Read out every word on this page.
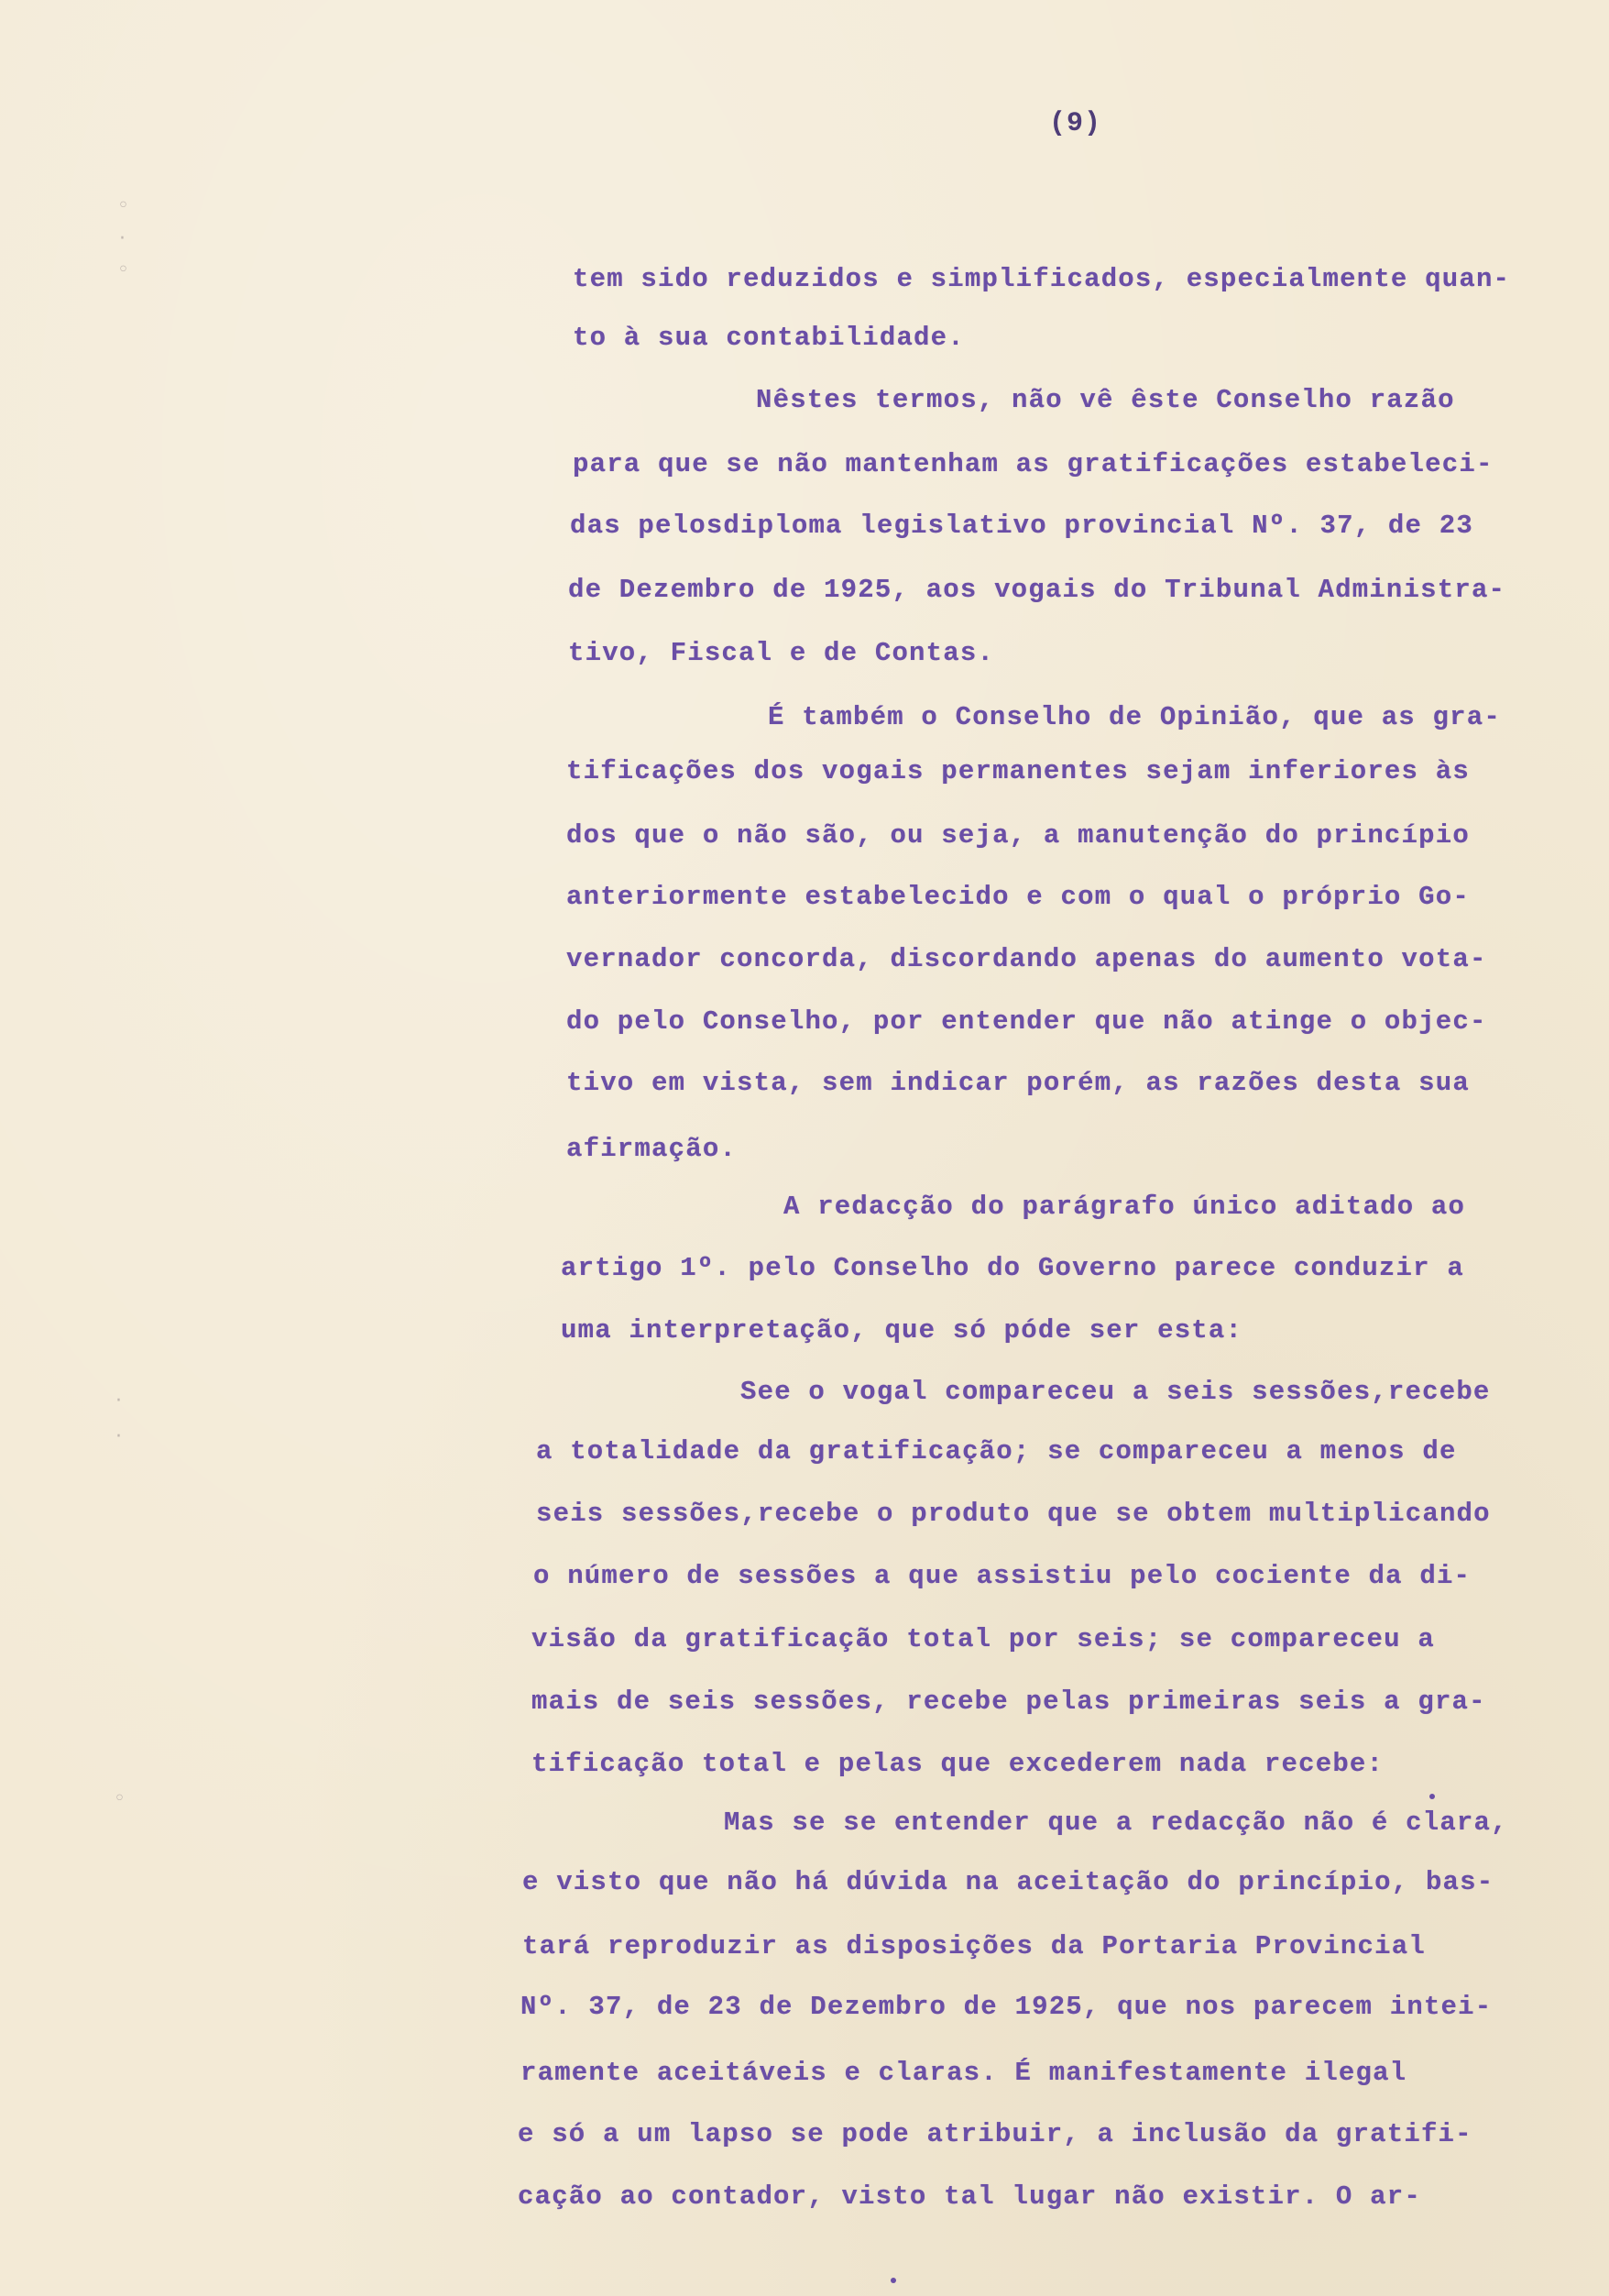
◦
·
◦
·
·
◦
(9)
tem sido reduzidos e simplificados, especialmente quan-
to à sua contabilidade.
Nêstes termos, não vê êste Conselho razão
para que se não mantenham as gratificações estabeleci-
das pelosdiploma legislativo provincial Nº. 37, de 23
de Dezembro de 1925, aos vogais do Tribunal Administra-
tivo, Fiscal e de Contas.
É também o Conselho de Opinião, que as gra-
tificações dos vogais permanentes sejam inferiores às
dos que o não são, ou seja, a manutenção do princípio
anteriormente estabelecido e com o qual o próprio Go-
vernador concorda, discordando apenas do aumento vota-
do pelo Conselho, por entender que não atinge o objec-
tivo em vista, sem indicar porém, as razões desta sua
afirmação.
A redacção do parágrafo único aditado ao
artigo 1º. pelo Conselho do Governo parece conduzir a
uma interpretação, que só póde ser esta:
See o vogal compareceu a seis sessões,recebe
a totalidade da gratificação; se compareceu a menos de
seis sessões,recebe o produto que se obtem multiplicando
o número de sessões a que assistiu pelo cociente da di-
visão da gratificação total por seis; se compareceu a
mais de seis sessões, recebe pelas primeiras seis a gra-
tificação total e pelas que excederem nada recebe:
Mas se se entender que a redacção não é clara,
e visto que não há dúvida na aceitação do princípio, bas-
tará reproduzir as disposições da Portaria Provincial
Nº. 37, de 23 de Dezembro de 1925, que nos parecem intei-
ramente aceitáveis e claras. É manifestamente ilegal
e só a um lapso se pode atribuir, a inclusão da gratifi-
cação ao contador, visto tal lugar não existir. O ar-
